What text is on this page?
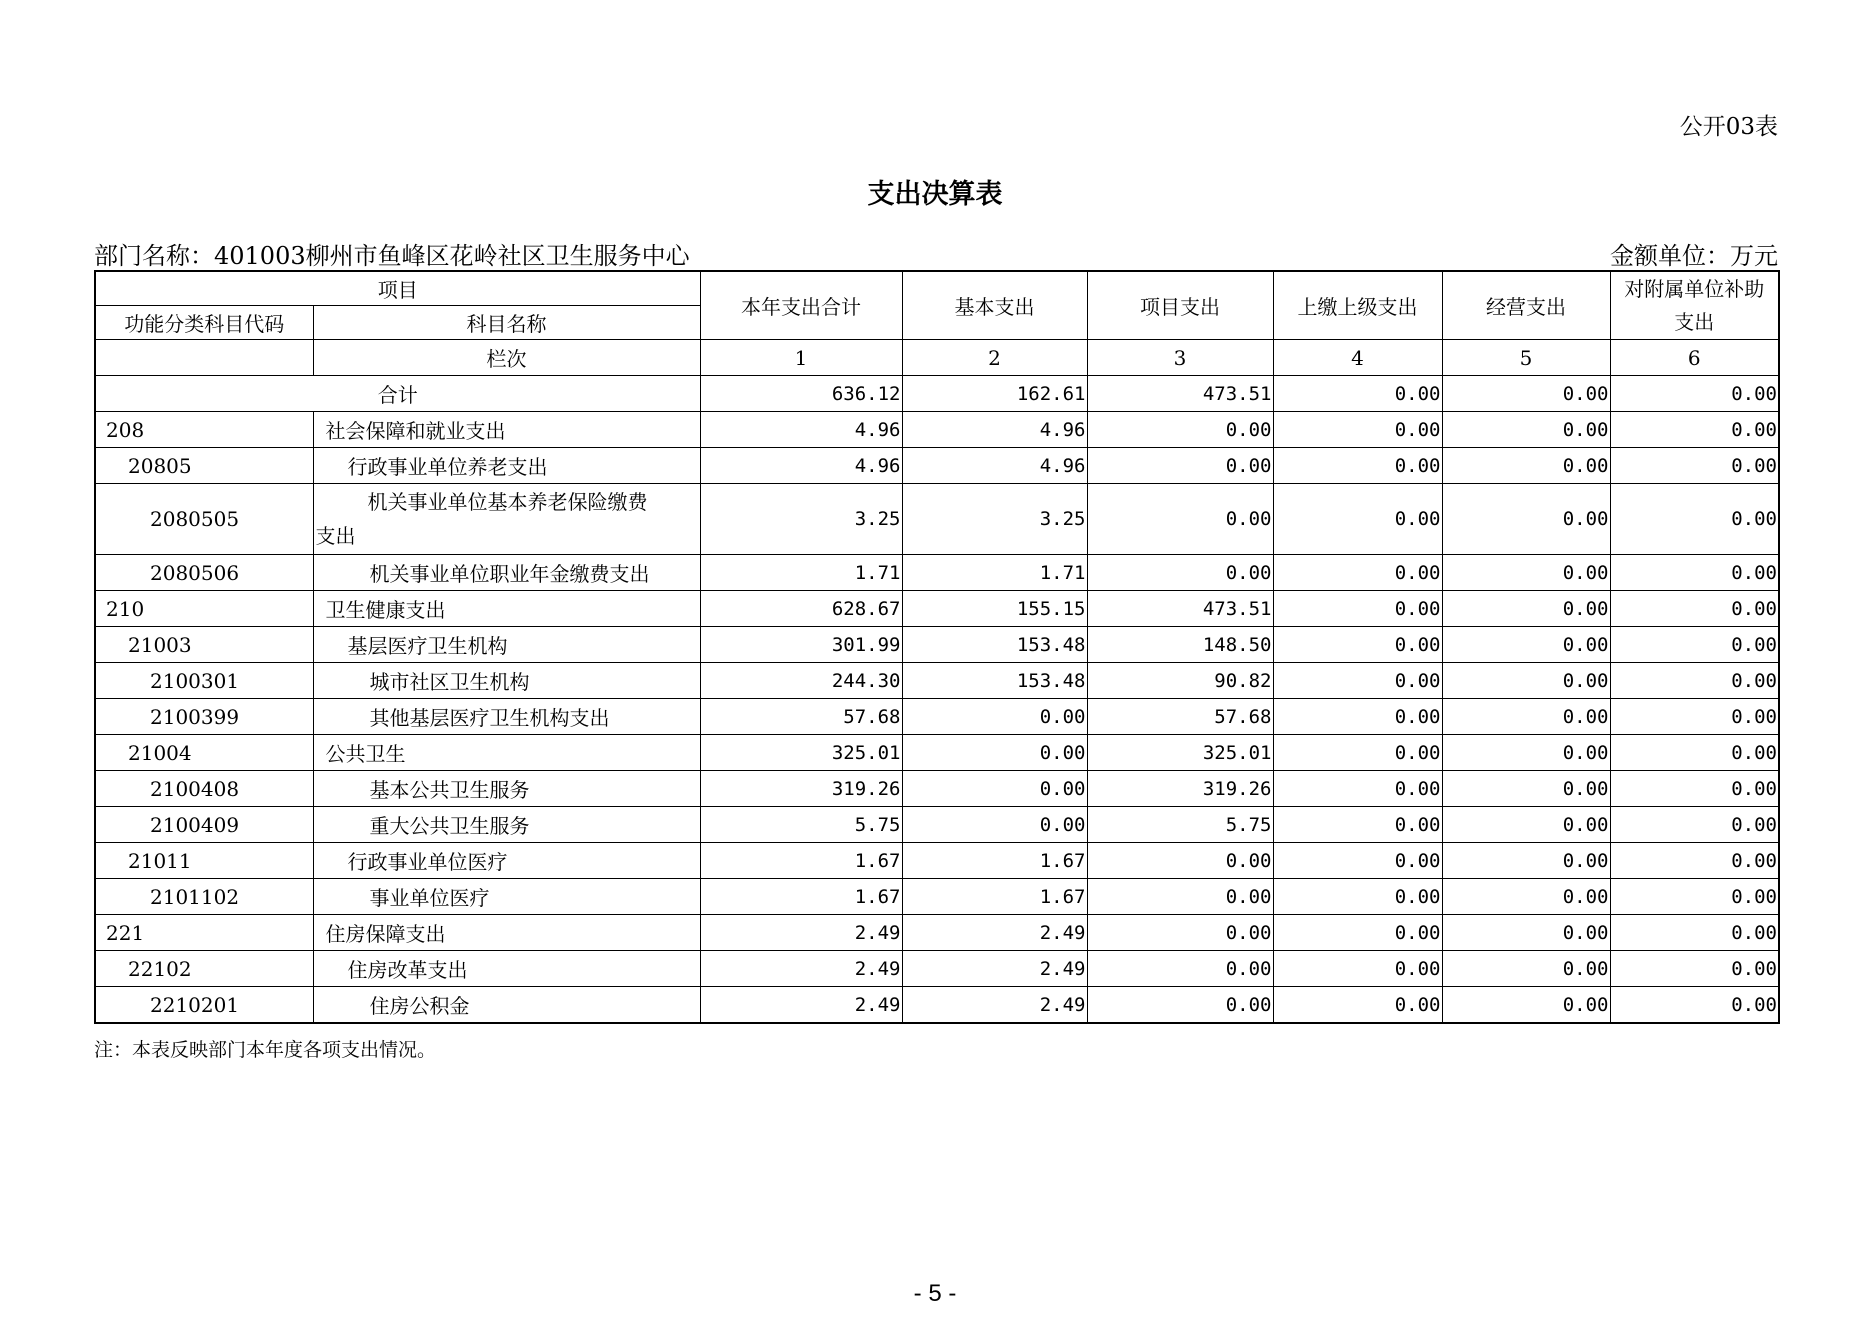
公开03表
支出决算表
部门名称：401003柳州市鱼峰区花岭社区卫生服务中心	金额单位：万元
项目		本年支出合计	基本支出	项目支出	上缴上级支出	经营支出	对附属单位补助
支出

功能分类科目代码	科目名称						
	栏次	1	2	3	4	5	6
合计		636.12	162.61	473.51	0.00	0.00	0.00
208	社会保障和就业支出	4.96	4.96	0.00	0.00	0.00	0.00
20805	行政事业单位养老支出	4.96	4.96	0.00	0.00	0.00	0.00
2080505	机关事业单位基本养老保险缴费
支出	3.25	3.25	0.00	0.00	0.00	0.00
2080506	机关事业单位职业年金缴费支出	1.71	1.71	0.00	0.00	0.00	0.00
210	卫生健康支出	628.67	155.15	473.51	0.00	0.00	0.00
21003	基层医疗卫生机构	301.99	153.48	148.50	0.00	0.00	0.00
2100301	城市社区卫生机构	244.30	153.48	90.82	0.00	0.00	0.00
2100399	其他基层医疗卫生机构支出	57.68	0.00	57.68	0.00	0.00	0.00
21004	公共卫生	325.01	0.00	325.01	0.00	0.00	0.00
2100408	基本公共卫生服务	319.26	0.00	319.26	0.00	0.00	0.00
2100409	重大公共卫生服务	5.75	0.00	5.75	0.00	0.00	0.00
21011	行政事业单位医疗	1.67	1.67	0.00	0.00	0.00	0.00
2101102	事业单位医疗	1.67	1.67	0.00	0.00	0.00	0.00
221	住房保障支出	2.49	2.49	0.00	0.00	0.00	0.00
22102	住房改革支出	2.49	2.49	0.00	0.00	0.00	0.00
2210201	住房公积金	2.49	2.49	0.00	0.00	0.00	0.00
注：本表反映部门本年度各项支出情况。
- 5 -
